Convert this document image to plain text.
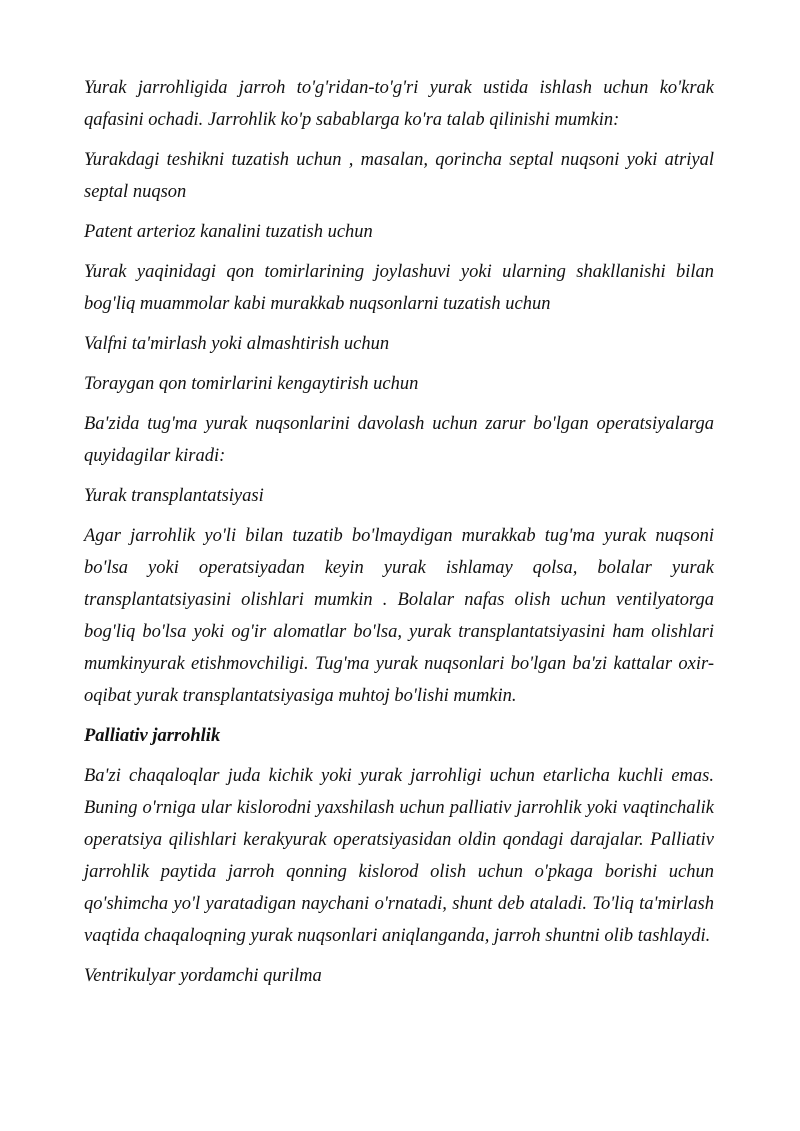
Yurak jarrohligida jarroh to'g'ridan-to'g'ri yurak ustida ishlash uchun ko'krak qafasini ochadi. Jarrohlik ko'p sabablarga ko'ra talab qilinishi mumkin:

Yurakdagi teshikni tuzatish uchun , masalan, qorincha septal nuqsoni yoki atriyal septal nuqson

Patent arterioz kanalini tuzatish uchun

Yurak yaqinidagi qon tomirlarining joylashuvi yoki ularning shakllanishi bilan bog'liq muammolar kabi murakkab nuqsonlarni tuzatish uchun

Valfni ta'mirlash yoki almashtirish uchun

Toraygan qon tomirlarini kengaytirish uchun

Ba'zida tug'ma yurak nuqsonlarini davolash uchun zarur bo'lgan operatsiyalarga quyidagilar kiradi:

Yurak transplantatsiyasi

Agar jarrohlik yo'li bilan tuzatib bo'lmaydigan murakkab tug'ma yurak nuqsoni bo'lsa yoki operatsiyadan keyin yurak ishlamay qolsa, bolalar yurak transplantatsiyasini olishlari mumkin . Bolalar nafas olish uchun ventilyatorga bog'liq bo'lsa yoki og'ir alomatlar bo'lsa, yurak transplantatsiyasini ham olishlari mumkinyurak etishmovchiligi. Tug'ma yurak nuqsonlari bo'lgan ba'zi kattalar oxir-oqibat yurak transplantatsiyasiga muhtoj bo'lishi mumkin.

Palliativ jarrohlik

Ba'zi chaqaloqlar juda kichik yoki yurak jarrohligi uchun etarlicha kuchli emas. Buning o'rniga ular kislorodni yaxshilash uchun palliativ jarrohlik yoki vaqtinchalik operatsiya qilishlari kerakyurak operatsiyasidan oldin qondagi darajalar. Palliativ jarrohlik paytida jarroh qonning kislorod olish uchun o'pkaga borishi uchun qo'shimcha yo'l yaratadigan naychani o'rnatadi, shunt deb ataladi. To'liq ta'mirlash vaqtida chaqaloqning yurak nuqsonlari aniqlanganda, jarroh shuntni olib tashlaydi.

Ventrikulyar yordamchi qurilma
